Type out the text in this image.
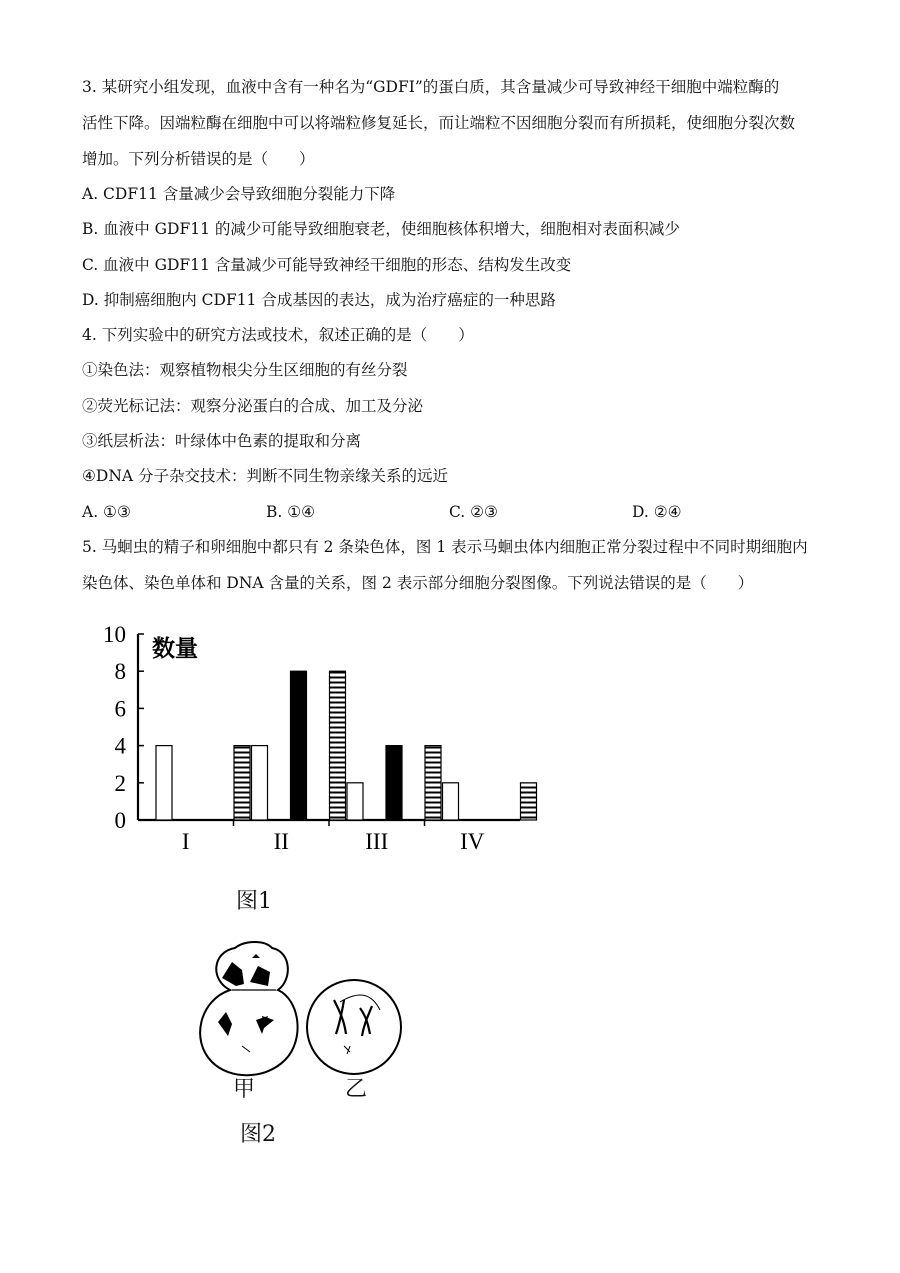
3. 某研究小组发现，血液中含有一种名为“GDFI”的蛋白质，其含量减少可导致神经干细胞中端粒酶的
活性下降。因端粒酶在细胞中可以将端粒修复延长，而让端粒不因细胞分裂而有所损耗，使细胞分裂次数
增加。下列分析错误的是（　　）
A. CDF11 含量减少会导致细胞分裂能力下降
B. 血液中 GDF11 的减少可能导致细胞衰老，使细胞核体积增大，细胞相对表面积减少
C. 血液中 GDF11 含量减少可能导致神经干细胞的形态、结构发生改变
D. 抑制癌细胞内 CDF11 合成基因的表达，成为治疗癌症的一种思路
4. 下列实验中的研究方法或技术，叙述正确的是（　　）
①染色法：观察植物根尖分生区细胞的有丝分裂
②荧光标记法：观察分泌蛋白的合成、加工及分泌
③纸层析法：叶绿体中色素的提取和分离
④DNA 分子杂交技术：判断不同生物亲缘关系的远近
A. ①③	B. ①④	C. ②③	D. ②④
5. 马蛔虫的精子和卵细胞中都只有 2 条染色体，图 1 表示马蛔虫体内细胞正常分裂过程中不同时期细胞内
染色体、染色单体和 DNA 含量的关系，图 2 表示部分细胞分裂图像。下列说法错误的是（　　）
0
2
4
6
8
10
I	II	III	IV
数量
图1
甲	乙
图2
